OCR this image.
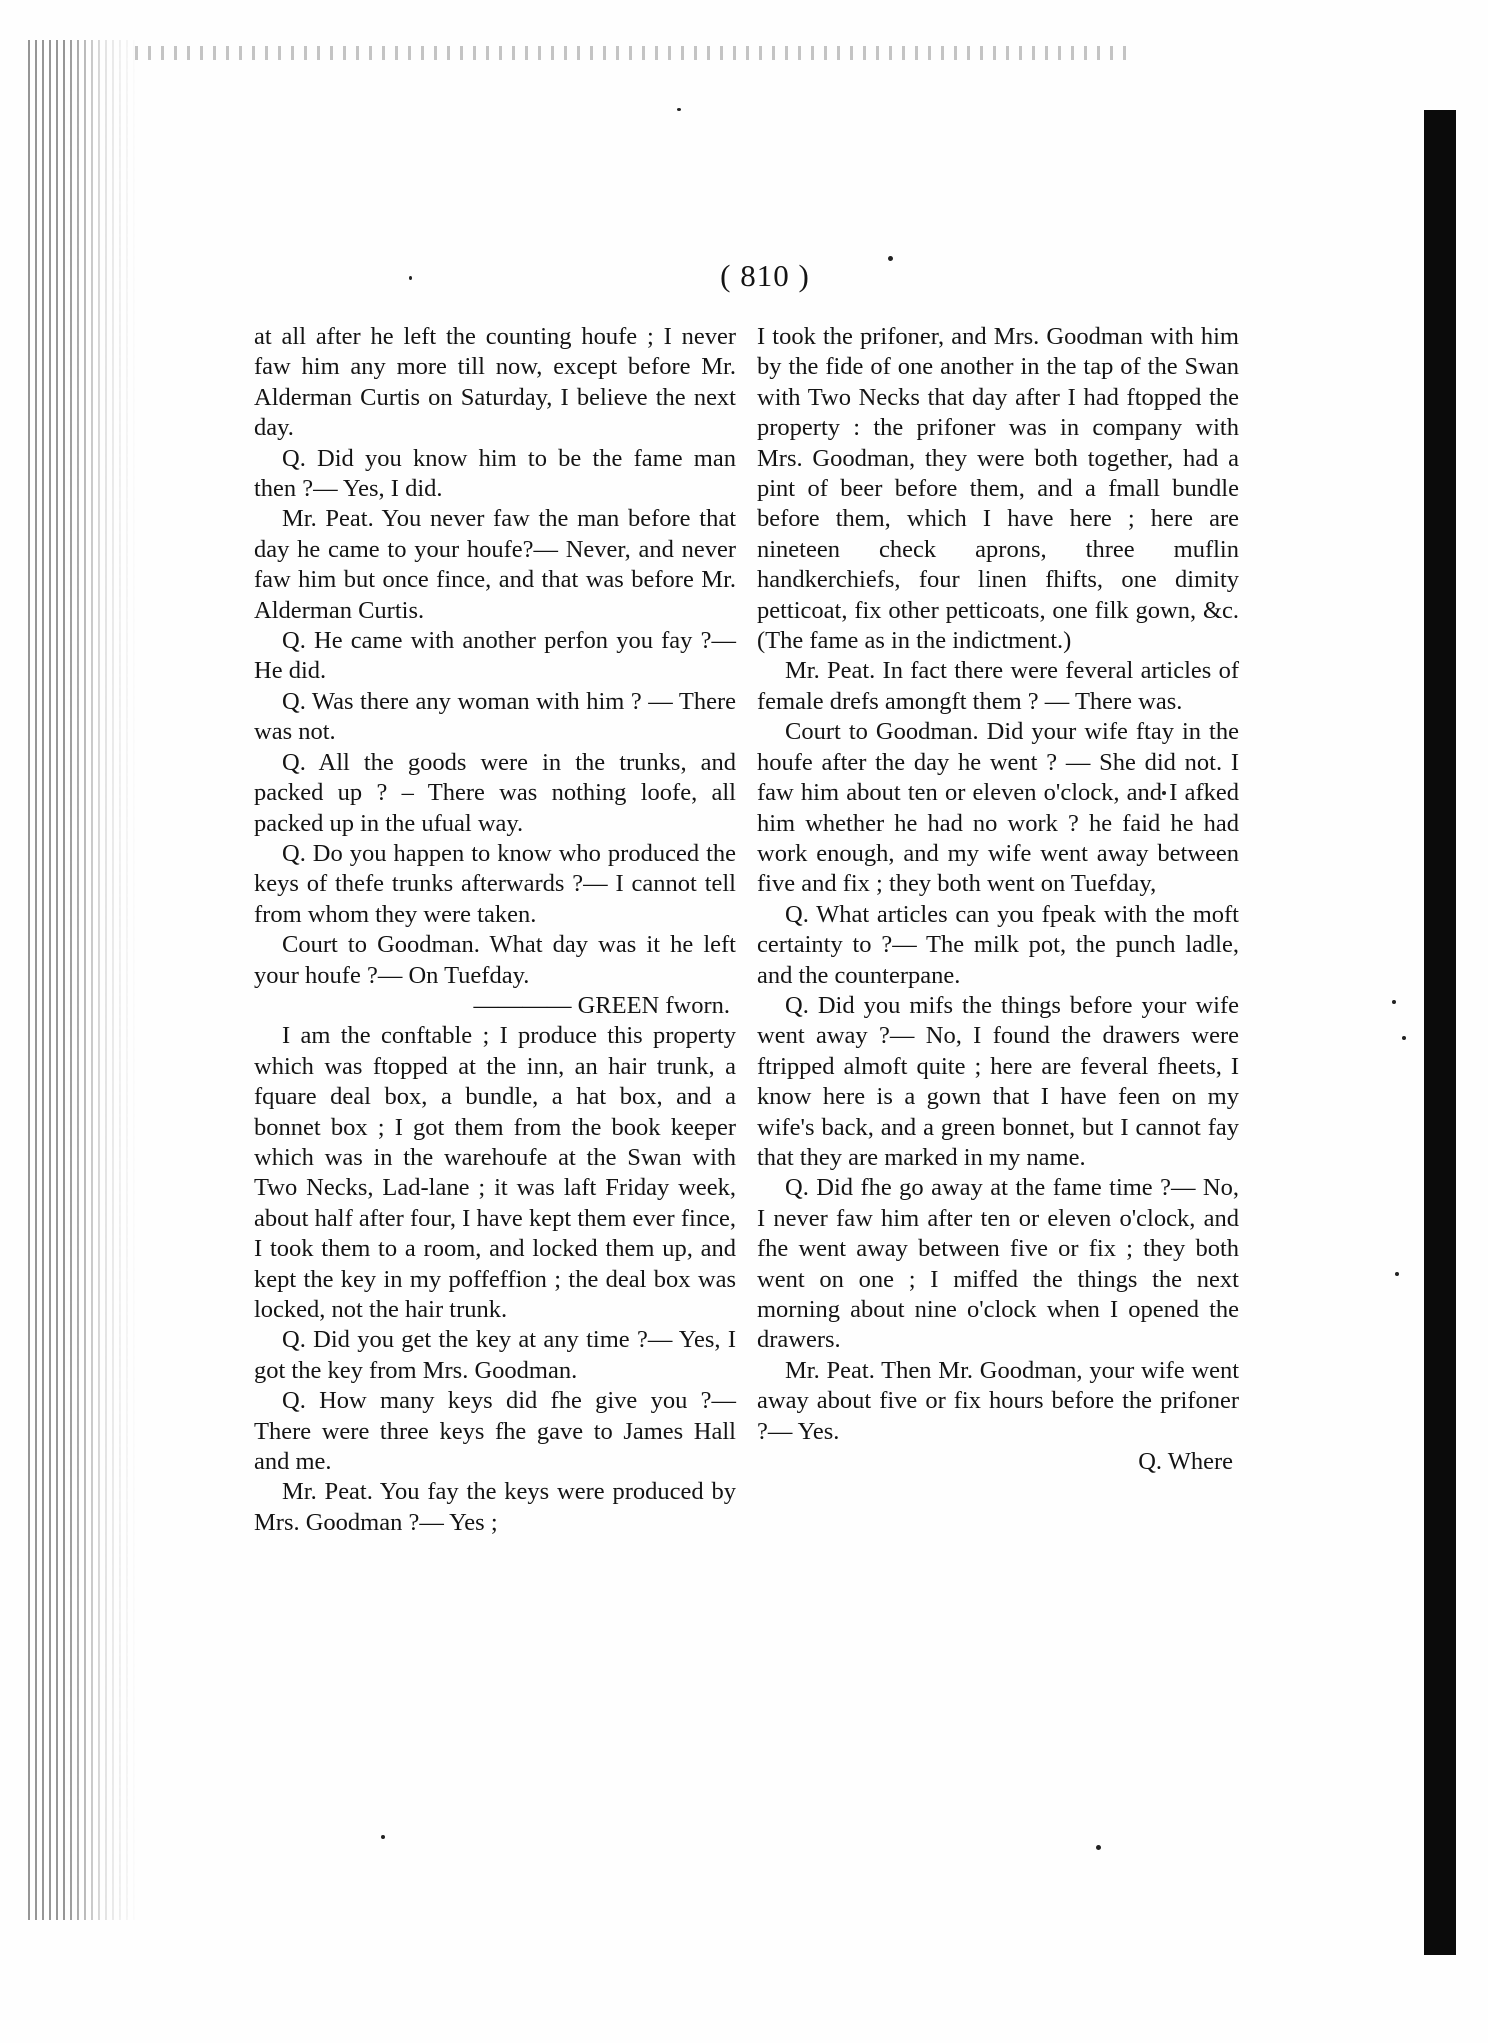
( 810 )

at all after he left the counting houfe ; I never faw him any more till now, except before Mr. Alderman Curtis on Saturday, I believe the next day.

Q. Did you know him to be the fame man then ?— Yes, I did.

Mr. Peat. You never faw the man before that day he came to your houfe?— Never, and never faw him but once fince, and that was before Mr. Alderman Curtis.

Q. He came with another perfon you fay ?— He did.

Q. Was there any woman with him ? — There was not.

Q. All the goods were in the trunks, and packed up ? – There was nothing loofe, all packed up in the ufual way.

Q. Do you happen to know who produced the keys of thefe trunks afterwards ?— I cannot tell from whom they were taken.

Court to Goodman. What day was it he left your houfe ?— On Tuefday.

———— GREEN fworn.

I am the conftable ; I produce this property which was ftopped at the inn, an hair trunk, a fquare deal box, a bundle, a hat box, and a bonnet box ; I got them from the book keeper which was in the warehoufe at the Swan with Two Necks, Lad-lane ; it was laft Friday week, about half after four, I have kept them ever fince, I took them to a room, and locked them up, and kept the key in my poffeffion ; the deal box was locked, not the hair trunk.

Q. Did you get the key at any time ?— Yes, I got the key from Mrs. Goodman.

Q. How many keys did fhe give you ?— There were three keys fhe gave to James Hall and me.

Mr. Peat. You fay the keys were produced by Mrs. Goodman ?— Yes ;

I took the prifoner, and Mrs. Goodman with him by the fide of one another in the tap of the Swan with Two Necks that day after I had ftopped the property : the prifoner was in company with Mrs. Goodman, they were both together, had a pint of beer before them, and a fmall bundle before them, which I have here ; here are nineteen check aprons, three muflin handkerchiefs, four linen fhifts, one dimity petticoat, fix other petticoats, one filk gown, &c. (The fame as in the indictment.)

Mr. Peat. In fact there were feveral articles of female drefs amongft them ? — There was.

Court to Goodman. Did your wife ftay in the houfe after the day he went ? — She did not. I faw him about ten or eleven o'clock, and I afked him whether he had no work ? he faid he had work enough, and my wife went away between five and fix ; they both went on Tuefday,

Q. What articles can you fpeak with the moft certainty to ?— The milk pot, the punch ladle, and the counterpane.

Q. Did you mifs the things before your wife went away ?— No, I found the drawers were ftripped almoft quite ; here are feveral fheets, I know here is a gown that I have feen on my wife's back, and a green bonnet, but I cannot fay that they are marked in my name.

Q. Did fhe go away at the fame time ?— No, I never faw him after ten or eleven o'clock, and fhe went away between five or fix ; they both went on one ; I miffed the things the next morning about nine o'clock when I opened the drawers.

Mr. Peat. Then Mr. Goodman, your wife went away about five or fix hours before the prifoner ?— Yes.

Q. Where
